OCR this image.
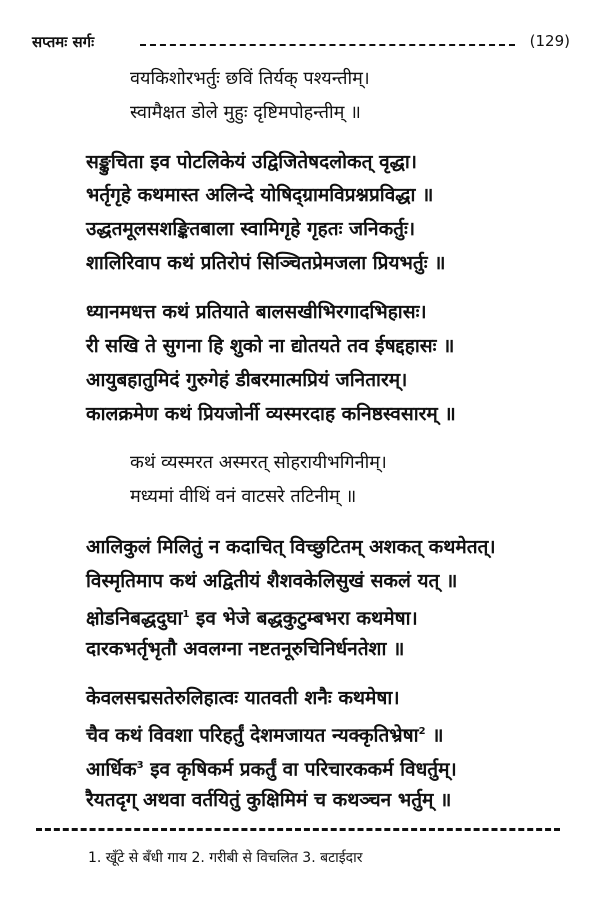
सप्तमः सर्गः	(129)
वयकिशोरभर्तुः छविं तिर्यक् पश्यन्तीम्।
स्वामैक्षत डोले मुहुः दृष्टिमपोहन्तीम् ॥
सङ्कुचिता इव पोटलिकेयं उद्विजितेषदलोकत् वृद्धा।
भर्तृगृहे कथमास्त अलिन्दे योषिद्ग्रामविप्रश्नप्रविद्धा ॥
उद्धतमूलसशङ्कितबाला स्वामिगृहे गृहतः जनिकर्तुः।
शालिरिवाप कथं प्रतिरोपं सिञ्चितप्रेमजला प्रियभर्तुः ॥
ध्यानमधत्त कथं प्रतियाते बालसखीभिरगादभिहासः।
री सखि ते सुगना हि शुको ना द्योतयते तव ईषद्दहासः ॥
आयुबहातुमिदं गुरुगेहं डीबरमात्मप्रियं जनितारम्।
कालक्रमेण कथं प्रियजोर्नी व्यस्मरदाह कनिष्ठस्वसारम् ॥
कथं व्यस्मरत अस्मरत् सोहरायीभगिनीम्।
मध्यमां वीथिं वनं वाटसरे तटिनीम् ॥
आलिकुलं मिलितुं न कदाचित् विच्छुटितम् अशकत् कथमेतत्।
विस्मृतिमाप कथं अद्वितीयं शैशवकेलिसुखं सकलं यत् ॥
क्षोडनिबद्धदुघा$^1$ इव भेजे बद्धकुटुम्बभरा कथमेषा।
दारकभर्तृभृतौ अवलग्ना नष्टतनूरुचिनिर्धनतेशा ॥
केवलसद्मसतेरुलिहात्वः यातवती शनैः कथमेषा।
चैव कथं विवशा परिहर्तुं देशमजायत न्यक्कृतिभ्रेषा$^2$ ॥
आर्धिक$^3$ इव कृषिकर्म प्रकर्तुं वा परिचारककर्म विधर्तुम्।
रैयतदृग् अथवा वर्तयितुं कुक्षिमिमं च कथञ्चन भर्तुम् ॥
1. खूँटे से बँधी गाय 2. गरीबी से विचलित 3. बटाईदार
